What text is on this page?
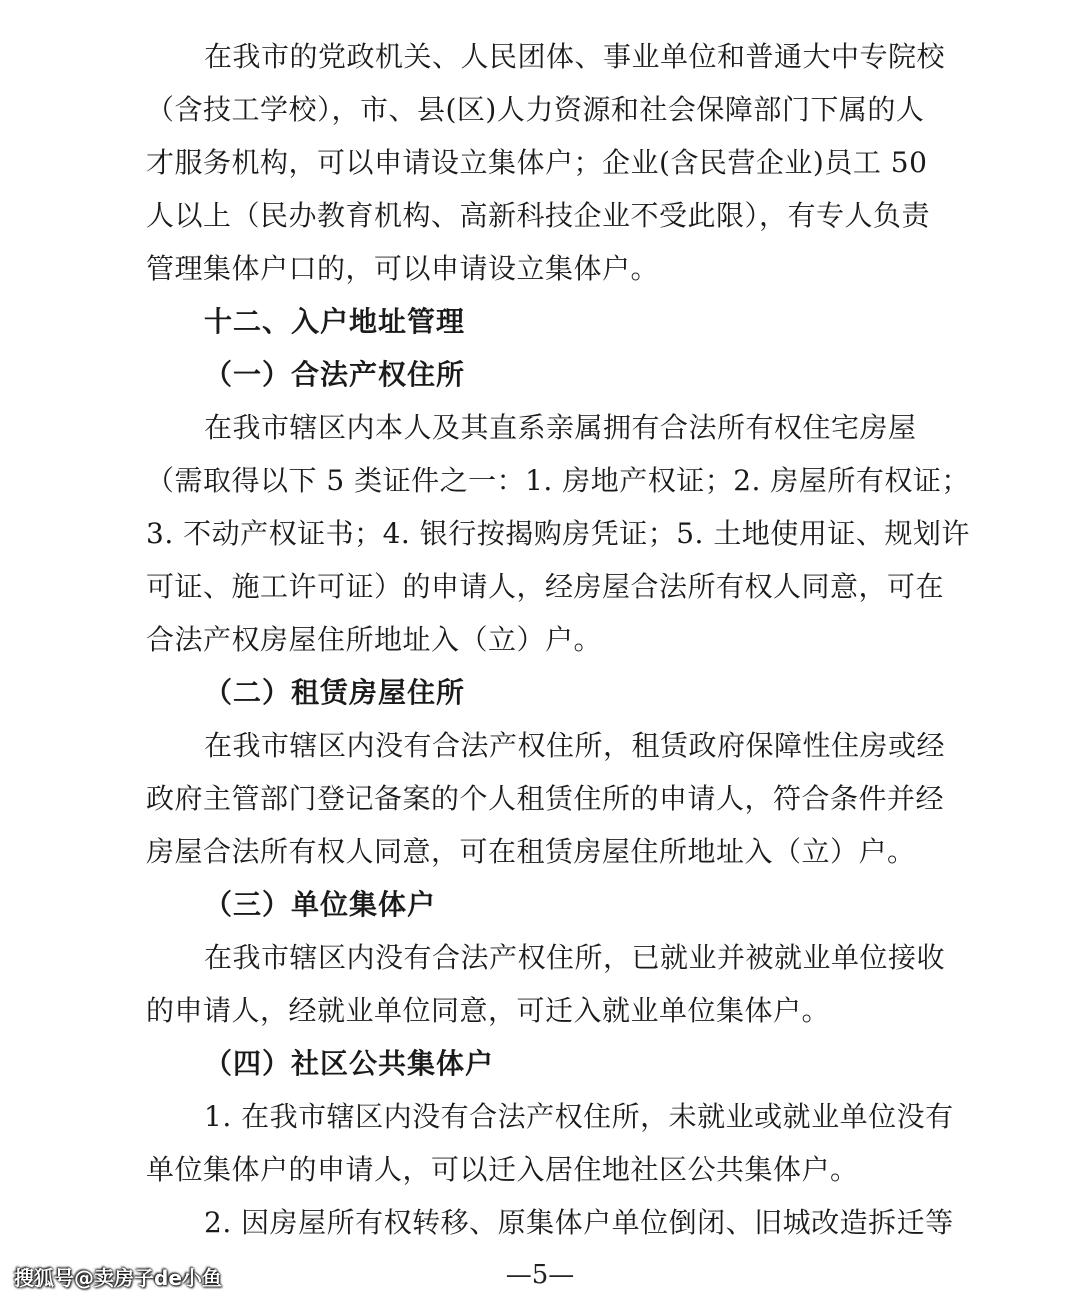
在我市的党政机关、人民团体、事业单位和普通大中专院校
（含技工学校），市、县(区)人力资源和社会保障部门下属的人
才服务机构，可以申请设立集体户；企业(含民营企业)员工 50
人以上（民办教育机构、高新科技企业不受此限），有专人负责
管理集体户口的，可以申请设立集体户。
十二、入户地址管理
（一）合法产权住所
在我市辖区内本人及其直系亲属拥有合法所有权住宅房屋
（需取得以下 5 类证件之一：1. 房地产权证；2. 房屋所有权证；
3. 不动产权证书；4. 银行按揭购房凭证；5. 土地使用证、规划许
可证、施工许可证）的申请人，经房屋合法所有权人同意，可在
合法产权房屋住所地址入（立）户。
（二）租赁房屋住所
在我市辖区内没有合法产权住所，租赁政府保障性住房或经
政府主管部门登记备案的个人租赁住所的申请人，符合条件并经
房屋合法所有权人同意，可在租赁房屋住所地址入（立）户。
（三）单位集体户
在我市辖区内没有合法产权住所，已就业并被就业单位接收
的申请人，经就业单位同意，可迁入就业单位集体户。
（四）社区公共集体户
1. 在我市辖区内没有合法产权住所，未就业或就业单位没有
单位集体户的申请人，可以迁入居住地社区公共集体户。
2. 因房屋所有权转移、原集体户单位倒闭、旧城改造拆迁等
—5—
搜狐号@卖房子de小鱼
